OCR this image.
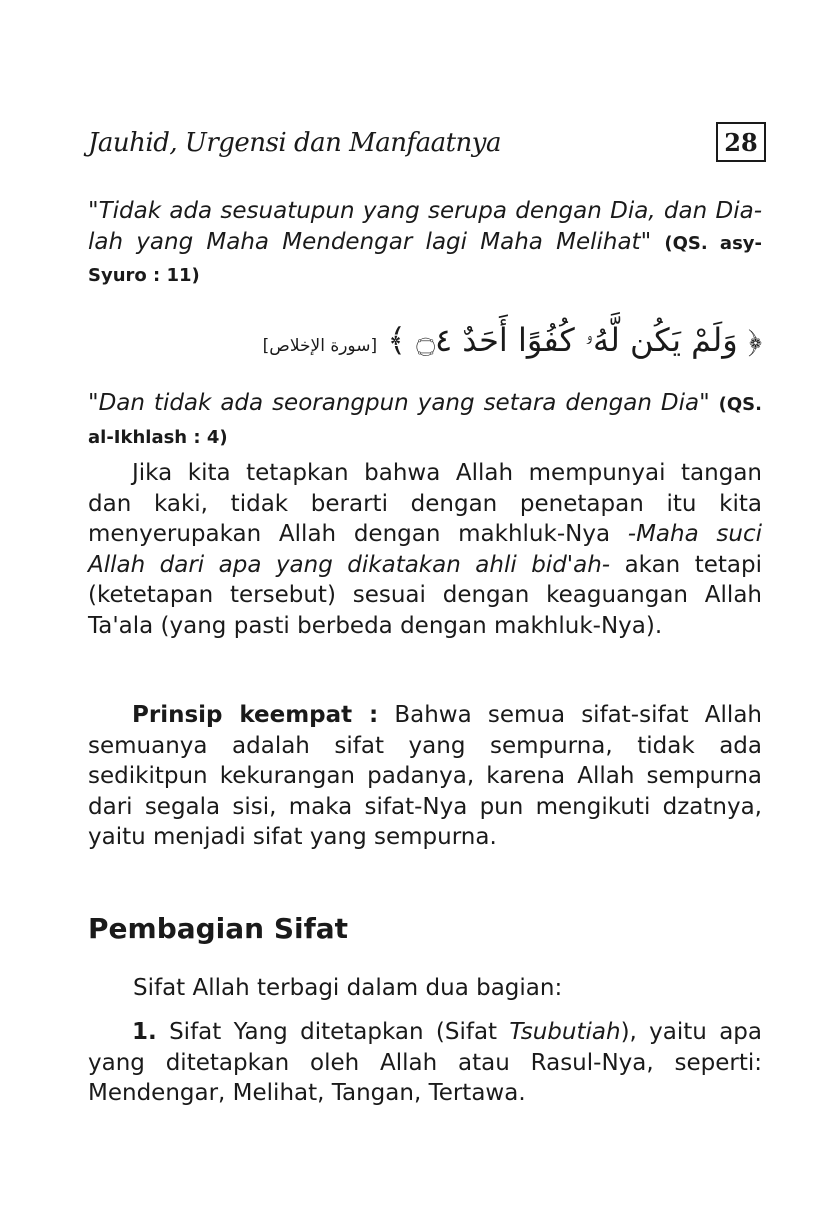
Jauhid, Urgensi dan Manfaatnya	28
"Tidak ada sesuatupun yang serupa dengan Dia, dan Dia-lah yang Maha Mendengar lagi Maha Melihat" (QS. asy-Syuro : 11)
﴿ وَلَمْ يَكُن لَّهُۥ كُفُوًا أَحَدٌ ۝٤ ﴾ [سورة الإخلاص]
"Dan tidak ada seorangpun yang setara dengan Dia" (QS. al-Ikhlash : 4)
Jika kita tetapkan bahwa Allah mempunyai tangan dan kaki, tidak berarti dengan penetapan itu kita menyerupakan Allah dengan makhluk-Nya -Maha suci Allah dari apa yang dikatakan ahli bid'ah- akan tetapi (ketetapan tersebut) sesuai dengan keaguangan Allah Ta'ala (yang pasti berbeda dengan makhluk-Nya).
Prinsip keempat : Bahwa semua sifat-sifat Allah semuanya adalah sifat yang sempurna, tidak ada sedikitpun kekurangan padanya, karena Allah sempurna dari segala sisi, maka sifat-Nya pun mengikuti dzatnya, yaitu menjadi sifat yang sempurna.
Pembagian Sifat
Sifat Allah terbagi dalam dua bagian:
1. Sifat Yang ditetapkan (Sifat Tsubutiah), yaitu apa yang ditetapkan oleh Allah atau Rasul-Nya, seperti: Mendengar, Melihat, Tangan, Tertawa.
